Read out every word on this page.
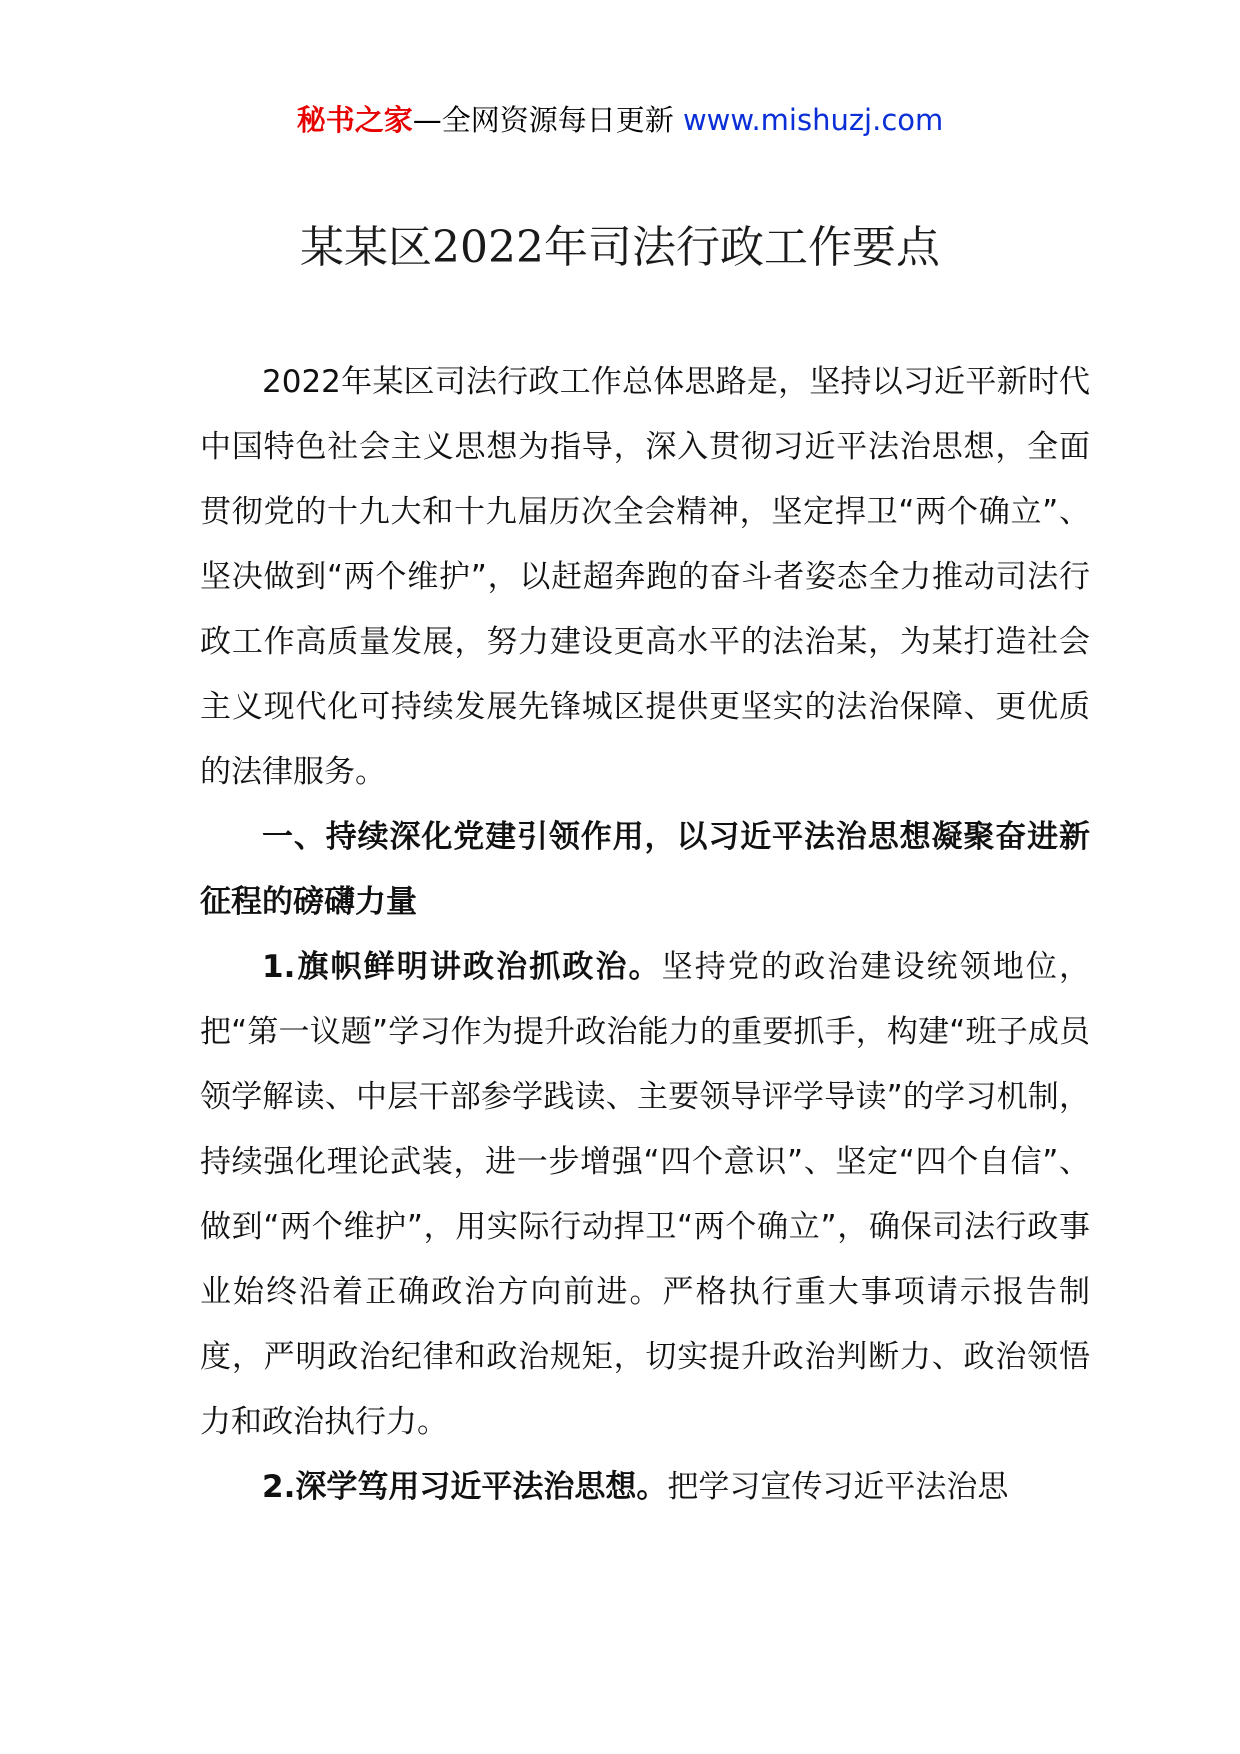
秘书之家—全网资源每日更新 www.mishuzj.com
某某区2022年司法行政工作要点

2022年某区司法行政工作总体思路是，坚持以习近平新时代中国特色社会主义思想为指导，深入贯彻习近平法治思想，全面贯彻党的十九大和十九届历次全会精神，坚定捍卫“两个确立”、坚决做到“两个维护”，以赶超奔跑的奋斗者姿态全力推动司法行政工作高质量发展，努力建设更高水平的法治某，为某打造社会主义现代化可持续发展先锋城区提供更坚实的法治保障、更优质的法律服务。

一、持续深化党建引领作用，以习近平法治思想凝聚奋进新征程的磅礴力量

1.旗帜鲜明讲政治抓政治。坚持党的政治建设统领地位，把“第一议题”学习作为提升政治能力的重要抓手，构建“班子成员领学解读、中层干部参学践读、主要领导评学导读”的学习机制，持续强化理论武装，进一步增强“四个意识”、坚定“四个自信”、做到“两个维护”，用实际行动捍卫“两个确立”，确保司法行政事业始终沿着正确政治方向前进。严格执行重大事项请示报告制度，严明政治纪律和政治规矩，切实提升政治判断力、政治领悟力和政治执行力。

2.深学笃用习近平法治思想。把学习宣传习近平法治思
